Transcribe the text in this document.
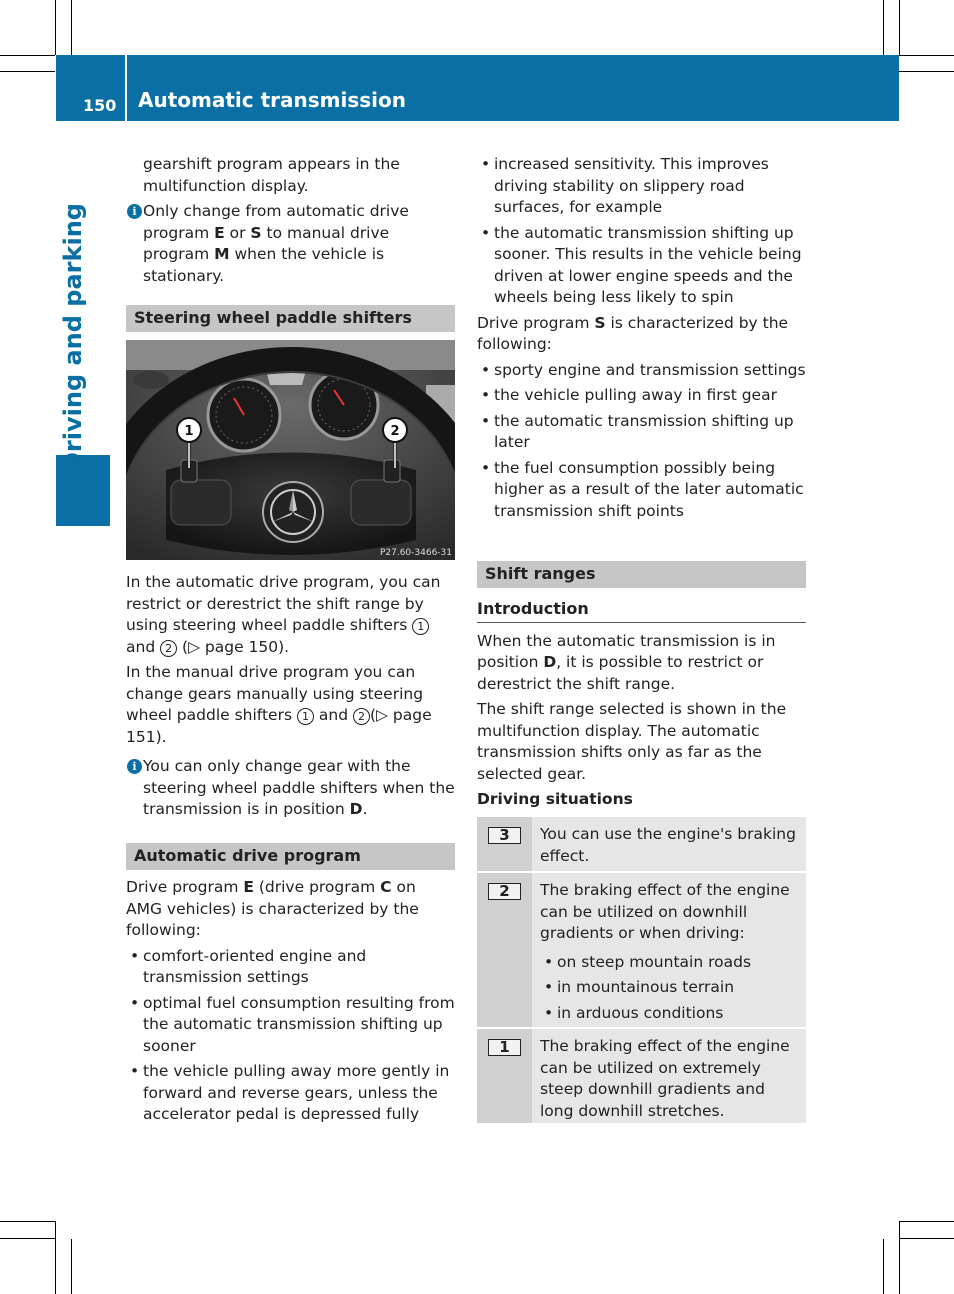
150 Automatic transmission
Driving and parking
gearshift program appears in the multifunction display.
i Only change from automatic drive program E or S to manual drive program M when the vehicle is stationary.
Steering wheel paddle shifters
1	2
P27.60-3466-31
In the automatic drive program, you can restrict or derestrict the shift range by using steering wheel paddle shifters 1 and 2 (▷ page 150).
In the manual drive program you can change gears manually using steering wheel paddle shifters 1 and 2 (▷ page 151).
i You can only change gear with the steering wheel paddle shifters when the transmission is in position D.
Automatic drive program
Drive program E (drive program C on AMG vehicles) is characterized by the following:
• comfort-oriented engine and transmission settings
• optimal fuel consumption resulting from the automatic transmission shifting up sooner
• the vehicle pulling away more gently in forward and reverse gears, unless the accelerator pedal is depressed fully
• increased sensitivity. This improves driving stability on slippery road surfaces, for example
• the automatic transmission shifting up sooner. This results in the vehicle being driven at lower engine speeds and the wheels being less likely to spin
Drive program S is characterized by the following:
• sporty engine and transmission settings
• the vehicle pulling away in first gear
• the automatic transmission shifting up later
• the fuel consumption possibly being higher as a result of the later automatic transmission shift points
Shift ranges
Introduction
When the automatic transmission is in position D, it is possible to restrict or derestrict the shift range.
The shift range selected is shown in the multifunction display. The automatic transmission shifts only as far as the selected gear.
Driving situations
3	You can use the engine's braking effect.
2	The braking effect of the engine can be utilized on downhill gradients or when driving:
• on steep mountain roads
• in mountainous terrain
• in arduous conditions
1	The braking effect of the engine can be utilized on extremely steep downhill gradients and long downhill stretches.
